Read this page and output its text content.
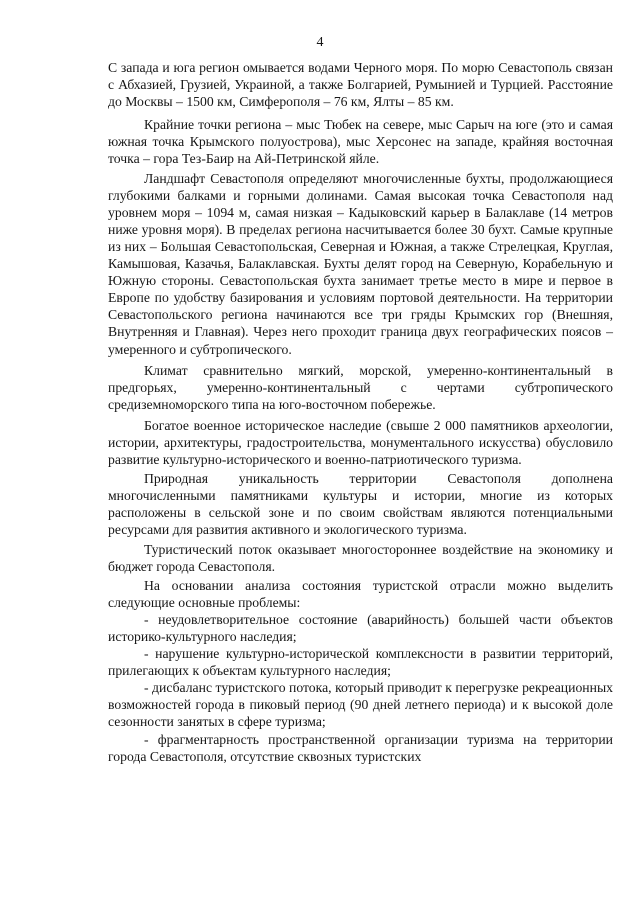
4

С запада и юга регион омывается водами Черного моря. По морю Севастополь связан с Абхазией, Грузией, Украиной, а также Болгарией, Румынией и Турцией. Расстояние до Москвы – 1500 км, Симферополя – 76 км, Ялты – 85 км.

Крайние точки региона – мыс Тюбек на севере, мыс Сарыч на юге (это и самая южная точка Крымского полуострова), мыс Херсонес на западе, крайняя восточная точка – гора Тез-Баир на Ай-Петринской яйле.

Ландшафт Севастополя определяют многочисленные бухты, продолжающиеся глубокими балками и горными долинами. Самая высокая точка Севастополя над уровнем моря – 1094 м, самая низкая – Кадыковский карьер в Балаклаве (14 метров ниже уровня моря). В пределах региона насчитывается более 30 бухт. Самые крупные из них – Большая Севастопольская, Северная и Южная, а также Стрелецкая, Круглая, Камышовая, Казачья, Балаклавская. Бухты делят город на Северную, Корабельную и Южную стороны. Севастопольская бухта занимает третье место в мире и первое в Европе по удобству базирования и условиям портовой деятельности. На территории Севастопольского региона начинаются все три гряды Крымских гор (Внешняя, Внутренняя и Главная). Через него проходит граница двух географических поясов – умеренного и субтропического.

Климат сравнительно мягкий, морской, умеренно-континентальный в предгорьях, умеренно-континентальный с чертами субтропического средиземноморского типа на юго-восточном побережье.

Богатое военное историческое наследие (свыше 2 000 памятников археологии, истории, архитектуры, градостроительства, монументального искусства) обусловило развитие культурно-исторического и военно-патриотического туризма.

Природная уникальность территории Севастополя дополнена многочисленными памятниками культуры и истории, многие из которых расположены в сельской зоне и по своим свойствам являются потенциальными ресурсами для развития активного и экологического туризма.

Туристический поток оказывает многостороннее воздействие на экономику и бюджет города Севастополя.

На основании анализа состояния туристской отрасли можно выделить следующие основные проблемы:

- неудовлетворительное состояние (аварийность) большей части объектов историко-культурного наследия;

- нарушение культурно-исторической комплексности в развитии территорий, прилегающих к объектам культурного наследия;

- дисбаланс туристского потока, который приводит к перегрузке рекреационных возможностей города в пиковый период (90 дней летнего периода) и к высокой доле сезонности занятых в сфере туризма;

- фрагментарность пространственной организации туризма на территории города Севастополя, отсутствие сквозных туристских
